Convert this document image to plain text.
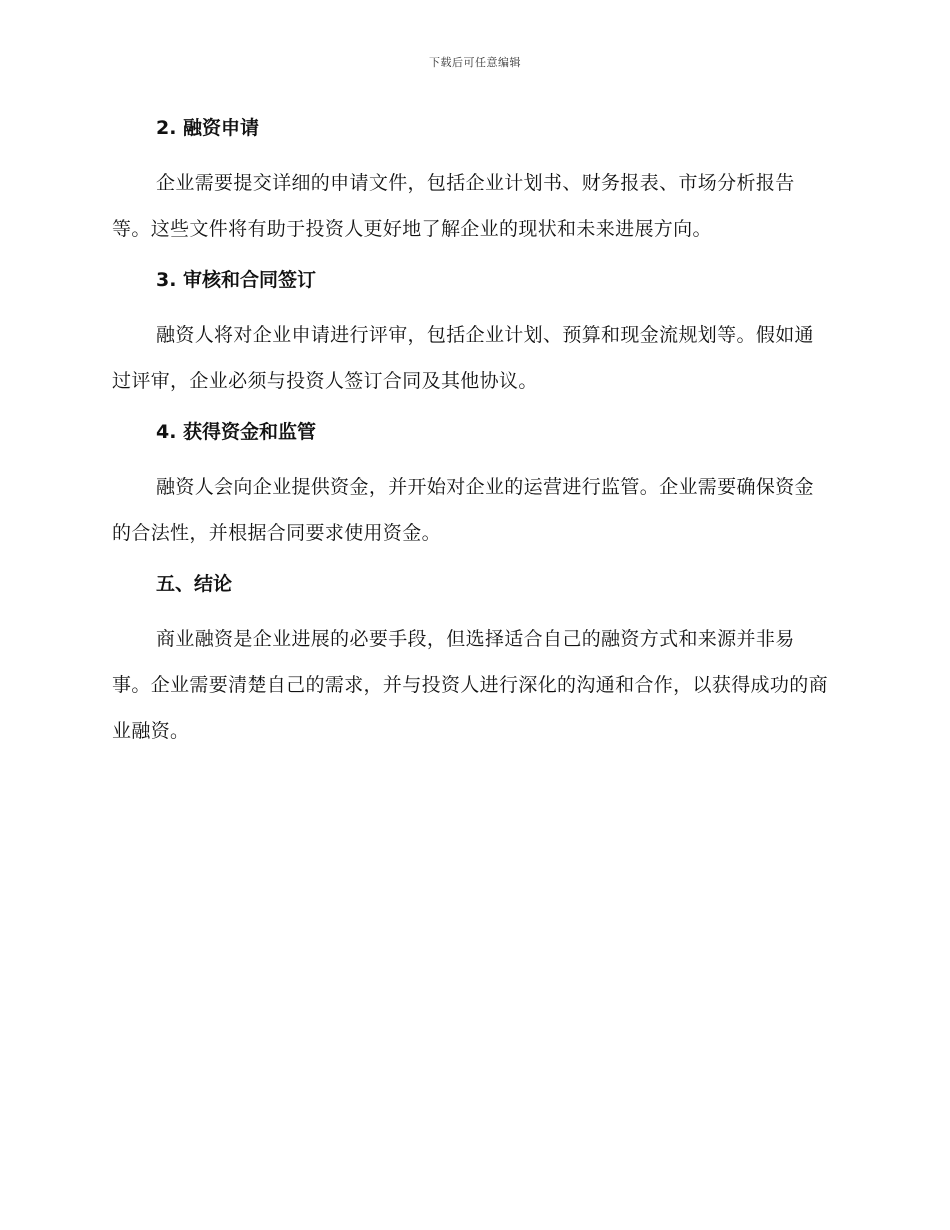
下载后可任意编辑
2. 融资申请

企业需要提交详细的申请文件，包括企业计划书、财务报表、市场分析报告等。这些文件将有助于投资人更好地了解企业的现状和未来进展方向。

3. 审核和合同签订

融资人将对企业申请进行评审，包括企业计划、预算和现金流规划等。假如通过评审，企业必须与投资人签订合同及其他协议。

4. 获得资金和监管

融资人会向企业提供资金，并开始对企业的运营进行监管。企业需要确保资金的合法性，并根据合同要求使用资金。

五、结论

商业融资是企业进展的必要手段，但选择适合自己的融资方式和来源并非易事。企业需要清楚自己的需求，并与投资人进行深化的沟通和合作，以获得成功的商业融资。
